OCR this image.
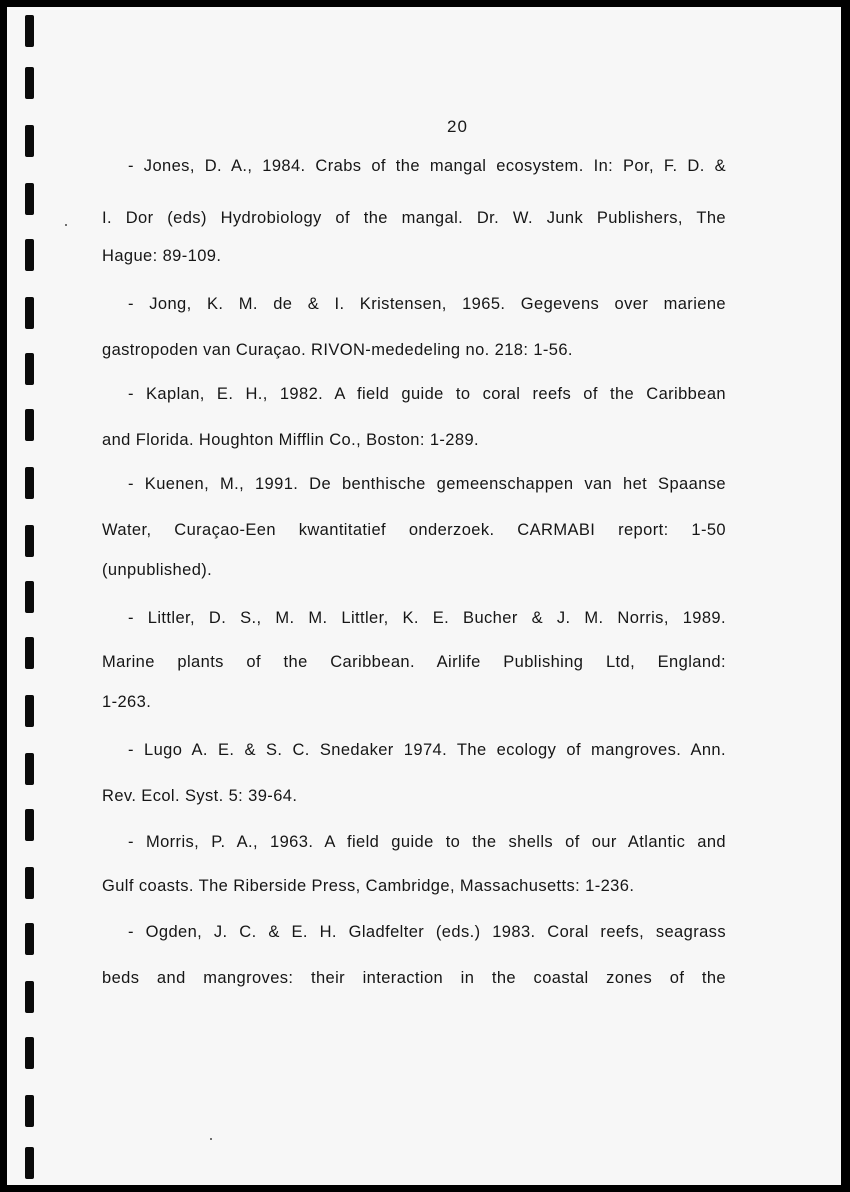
20
- Jones, D. A., 1984. Crabs of the mangal ecosystem. In: Por, F. D. &
I. Dor (eds) Hydrobiology of the mangal. Dr. W. Junk Publishers, The
Hague: 89-109.
- Jong, K. M. de & I. Kristensen, 1965. Gegevens over mariene
gastropoden van Curaçao. RIVON-mededeling no. 218: 1-56.
- Kaplan, E. H., 1982. A field guide to coral reefs of the Caribbean
and Florida. Houghton Mifflin Co., Boston: 1-289.
- Kuenen, M., 1991. De benthische gemeenschappen van het Spaanse
Water, Curaçao-Een kwantitatief onderzoek. CARMABI report: 1-50
(unpublished).
- Littler, D. S., M. M. Littler, K. E. Bucher & J. M. Norris, 1989.
Marine plants of the Caribbean. Airlife Publishing Ltd, England:
1-263.
- Lugo A. E. & S. C. Snedaker 1974. The ecology of mangroves. Ann.
Rev. Ecol. Syst. 5: 39-64.
- Morris, P. A., 1963. A field guide to the shells of our Atlantic and
Gulf coasts. The Riberside Press, Cambridge, Massachusetts: 1-236.
- Ogden, J. C. & E. H. Gladfelter (eds.) 1983. Coral reefs, seagrass
beds and mangroves: their interaction in the coastal zones of the
